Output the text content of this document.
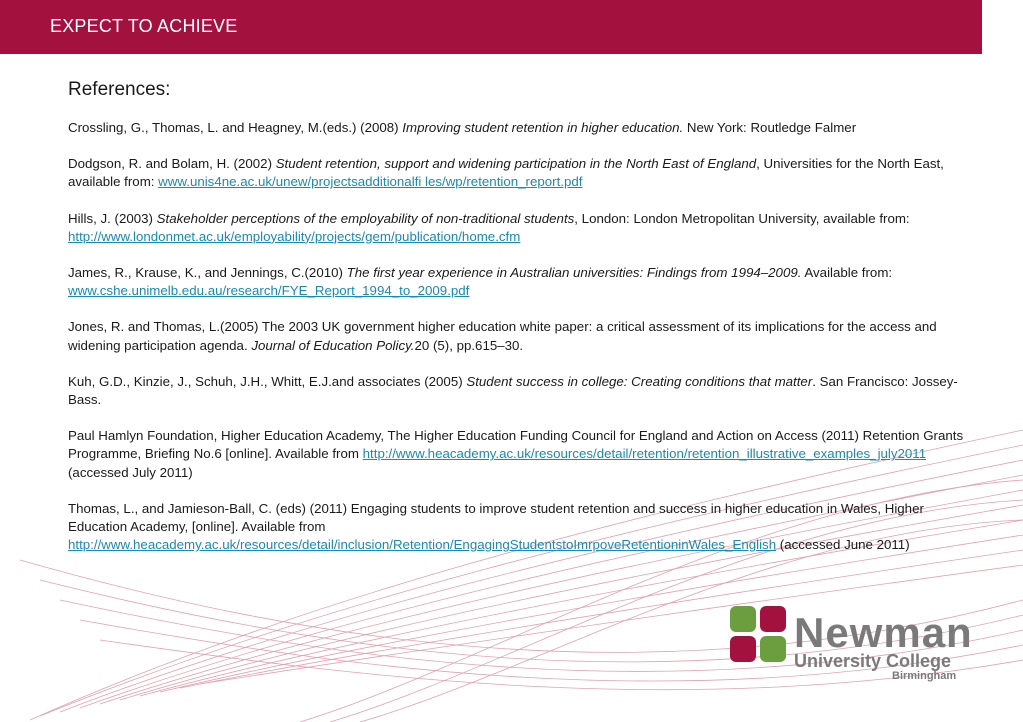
EXPECT TO ACHIEVE
References:

Crossling, G., Thomas, L. and Heagney, M.(eds.) (2008) Improving student retention in higher education. New York: Routledge Falmer

Dodgson, R. and Bolam, H. (2002) Student retention, support and widening participation in the North East of England, Universities for the North East, available from: www.unis4ne.ac.uk/unew/projectsadditionalfi les/wp/retention_report.pdf

Hills, J. (2003) Stakeholder perceptions of the employability of non-traditional students, London: London Metropolitan University, available from: http://www.londonmet.ac.uk/employability/projects/gem/publication/home.cfm

James, R., Krause, K., and Jennings, C.(2010) The first year experience in Australian universities: Findings from 1994–2009. Available from: www.cshe.unimelb.edu.au/research/FYE_Report_1994_to_2009.pdf

Jones, R. and Thomas, L.(2005) The 2003 UK government higher education white paper: a critical assessment of its implications for the access and widening participation agenda. Journal of Education Policy.20 (5), pp.615–30.

Kuh, G.D., Kinzie, J., Schuh, J.H., Whitt, E.J.and associates (2005) Student success in college: Creating conditions that matter. San Francisco: Jossey-Bass.

Paul Hamlyn Foundation, Higher Education Academy, The Higher Education Funding Council for England and Action on Access (2011) Retention Grants Programme, Briefing No.6 [online]. Available from http://www.heacademy.ac.uk/resources/detail/retention/retention_illustrative_examples_july2011 (accessed July 2011)

Thomas, L., and Jamieson-Ball, C. (eds) (2011) Engaging students to improve student retention and success in higher education in Wales, Higher Education Academy, [online]. Available from http://www.heacademy.ac.uk/resources/detail/inclusion/Retention/EngagingStudentstoImrpoveRetentioninWales_English (accessed June 2011)

Newman
University College
Birmingham
